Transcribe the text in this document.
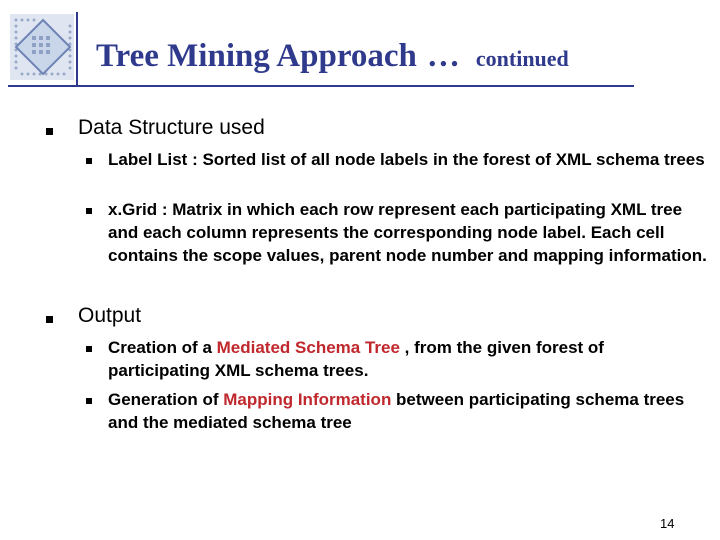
Tree Mining Approach … continued
Data Structure used
Label List : Sorted list of all node labels in the forest of XML schema trees
x.Grid : Matrix in which each row represent each participating XML tree and each column represents the corresponding node label. Each cell contains the scope values, parent node number and mapping information.
Output
Creation of a Mediated Schema Tree , from the given forest of participating XML schema trees.
Generation of Mapping Information between participating schema trees and the mediated schema tree
14
